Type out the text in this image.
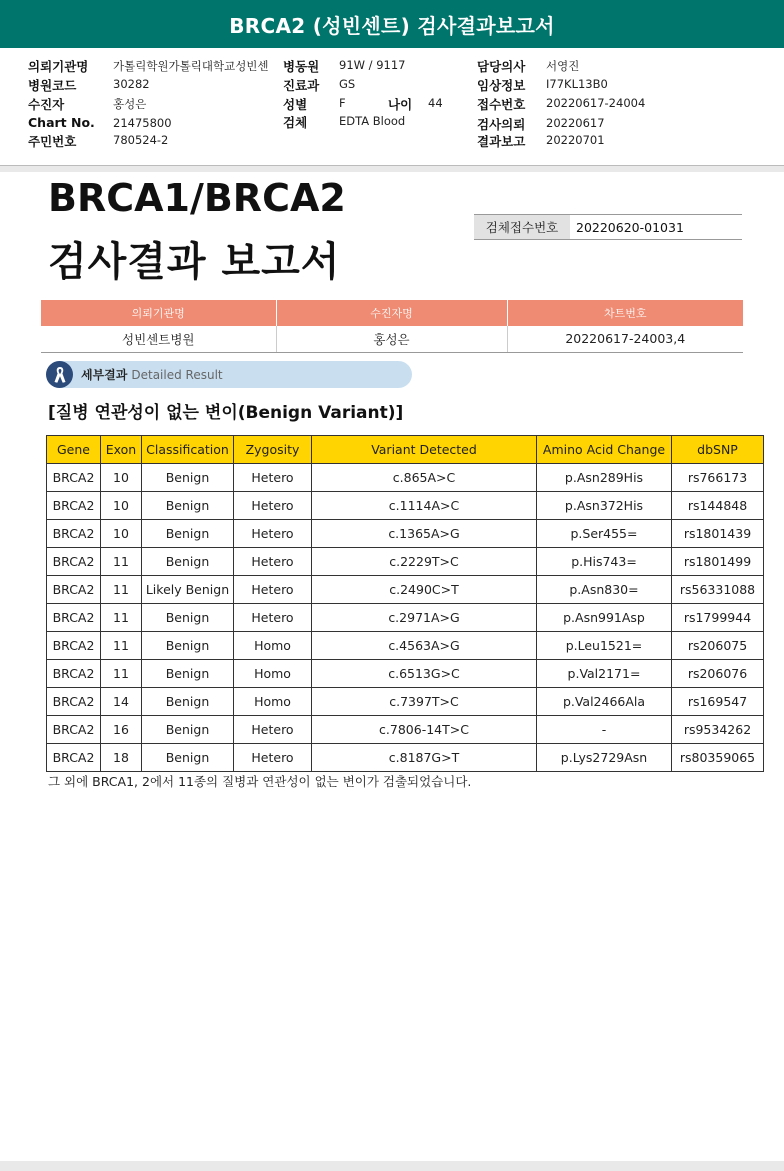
BRCA2 (성빈센트) 검사결과보고서
의뢰기관명 가톨릭학원가톨릭대학교성빈센 병동원 91W / 9117	담당의사 서영진
병원코드	30282	진료과 GS	임상정보 I77KL13B0
수진자	홍성은	성별	F	나이 44	접수번호 20220617-24004
Chart No. 21475800	검체	EDTA Blood	검사의뢰 20220617
주민번호	780524-2	결과보고 20220701
BRCA1/BRCA2
검사결과 보고서
검체접수번호	20220620-01031
의뢰기관명	수진자명	차트번호
성빈센트병원	홍성은	20220617-24003,4
세부결과 Detailed Result
[질병 연관성이 없는 변이(Benign Variant)]
Gene	Exon	Classification	Zygosity	Variant Detected	Amino Acid Change	dbSNP
BRCA2	10	Benign	Hetero	c.865A>C	p.Asn289His	rs766173
BRCA2	10	Benign	Hetero	c.1114A>C	p.Asn372His	rs144848
BRCA2	10	Benign	Hetero	c.1365A>G	p.Ser455=	rs1801439
BRCA2	11	Benign	Hetero	c.2229T>C	p.His743=	rs1801499
BRCA2	11	Likely Benign	Hetero	c.2490C>T	p.Asn830=	rs56331088
BRCA2	11	Benign	Hetero	c.2971A>G	p.Asn991Asp	rs1799944
BRCA2	11	Benign	Homo	c.4563A>G	p.Leu1521=	rs206075
BRCA2	11	Benign	Homo	c.6513G>C	p.Val2171=	rs206076
BRCA2	14	Benign	Homo	c.7397T>C	p.Val2466Ala	rs169547
BRCA2	16	Benign	Hetero	c.7806-14T>C	-	rs9534262
BRCA2	18	Benign	Hetero	c.8187G>T	p.Lys2729Asn	rs80359065
그 외에 BRCA1, 2에서 11종의 질병과 연관성이 없는 변이가 검출되었습니다.
